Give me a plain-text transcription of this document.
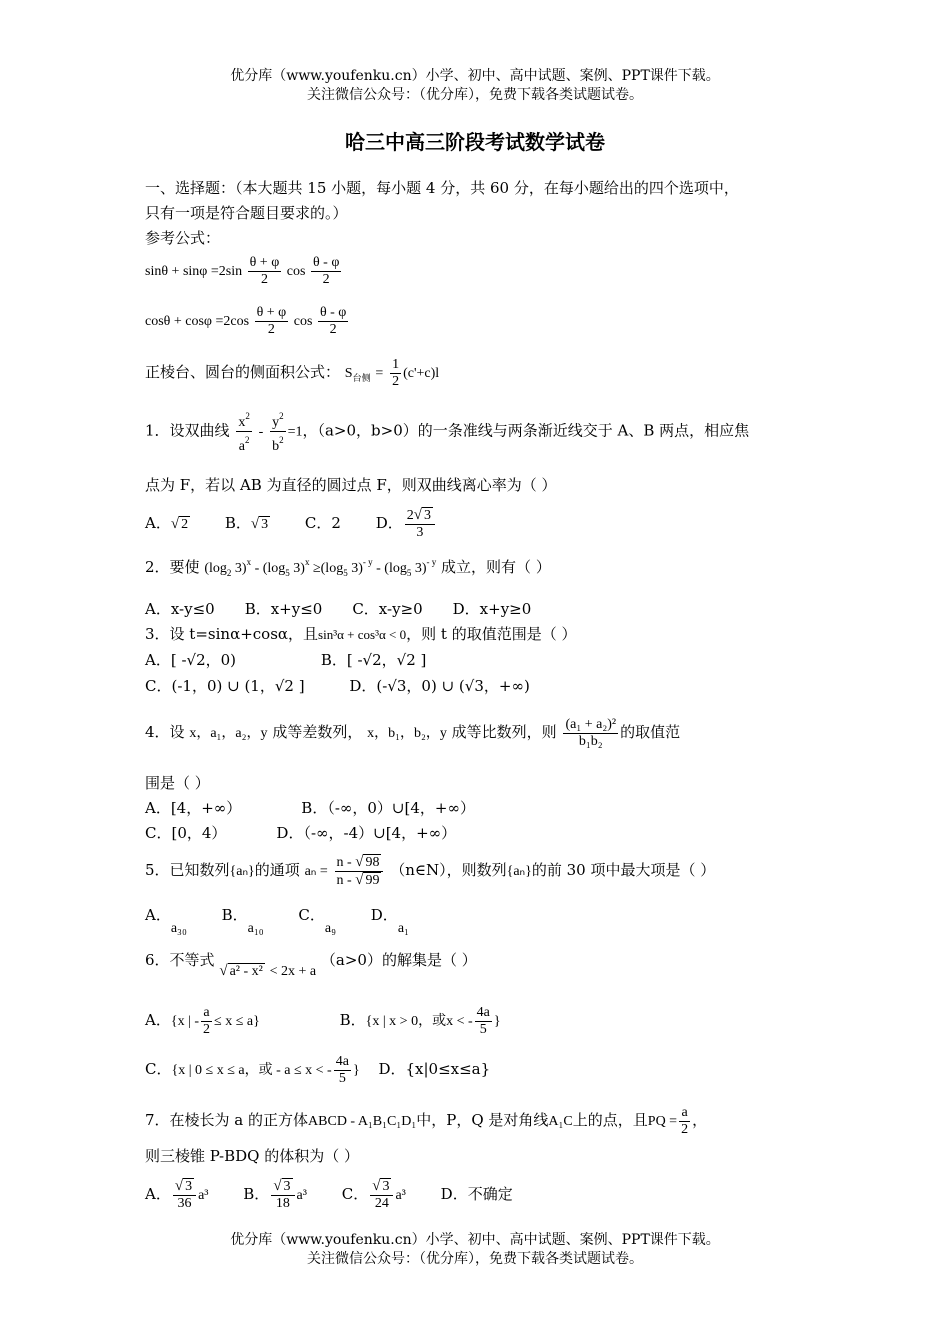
优分库（www.youfenku.cn）小学、初中、高中试题、案例、PPT课件下载。
关注微信公众号：（优分库），免费下载各类试题试卷。
哈三中高三阶段考试数学试卷
一、选择题：（本大题共 15 小题，每小题 4 分，共 60 分，在每小题给出的四个选项中，
只有一项是符合题目要求的。）
参考公式：
$\sin\theta + \sin\varphi =2\sin \frac{\theta + \varphi}{2}$ $\cos \frac{\theta - \varphi}{2}$
$\cos\theta + \cos\varphi =2\cos \frac{\theta + \varphi}{2}$ $\cos \frac{\theta - \varphi}{2}$
正棱台、圆台的侧面积公式： $S_{台侧} = \frac{1}{2} (c'+c)l$
1．设双曲线 $\frac{x^2}{a^2} - \frac{y^2}{b^2} =1$，（a>0，b>0）的一条准线与两条渐近线交于 A、B 两点，相应焦
点为 F，若以 AB 为直径的圆过点 F，则双曲线离心率为（ ）
A．√ 2 B．√ 3 C．2 D． $\frac{2√ 3}{3}$
2．要使 ($\log_2$ $3)^x - (\log_5$ $3)^x \ge(\log_5$ $3)^{- y} - (\log_5$ 3)$^{- y}$ 成立，则有（ ）
A．x-y≤0 B．x+y≤0 C．x-y≥0 D．x+y≥0
3．设 t=sinα+cosα，且sin³α + cos³α < 0，则 t 的取值范围是（ ）
A．[ -√2，0)	B．[ -√2，√2 ]
C．(-1，0) ∪ (1，√2 ]	D．(-√3，0) ∪ (√3，+∞)
4．设 x，a₁，a₂，y 成等差数列， x，b₁，b₂，y 成等比数列，则 $\frac{\text{(a₁ + a₂)²}}{\text{b₁b₂}}$ 的取值范
围是（ ）
A．[4，+∞）	B．（-∞，0）∪[4，+∞）
C．[0，4）	D．（-∞，-4）∪[4，+∞）
5．已知数列{aₙ}的通项 $a_n = \frac{n - √ 98}{n - √ 99}$ （n∈N），则数列{aₙ}的前 30 项中最大项是（ ）
A．a₃₀ B．a₁₀ C．a₉ D．a₁
6．不等式 √ a² - x² < 2x + a （a>0）的解集是（ ）
A．{x | - $\frac{a}{2} \le x \le a$}	B．{x | x > 0，或x < - $\frac{4a}{5}$ }
C．{x | 0 ≤ x ≤ a，或 - a ≤ x < - $\frac{4a}{5}$ } D．{x|0≤x≤a}
7．在棱长为 a 的正方体ABCD - A₁B₁C₁D₁中，P，Q 是对角线A₁C上的点，且PQ = $\frac{a}{2}$ ，
则三棱锥 P-BDQ 的体积为（ ）
A． $\frac{√ 3}{36} a^3$ B． $\frac{√ 3}{18} a^3$ C． $\frac{√ 3}{24} a^3$ D．不确定
优分库（www.youfenku.cn）小学、初中、高中试题、案例、PPT课件下载。
关注微信公众号：（优分库），免费下载各类试题试卷。
